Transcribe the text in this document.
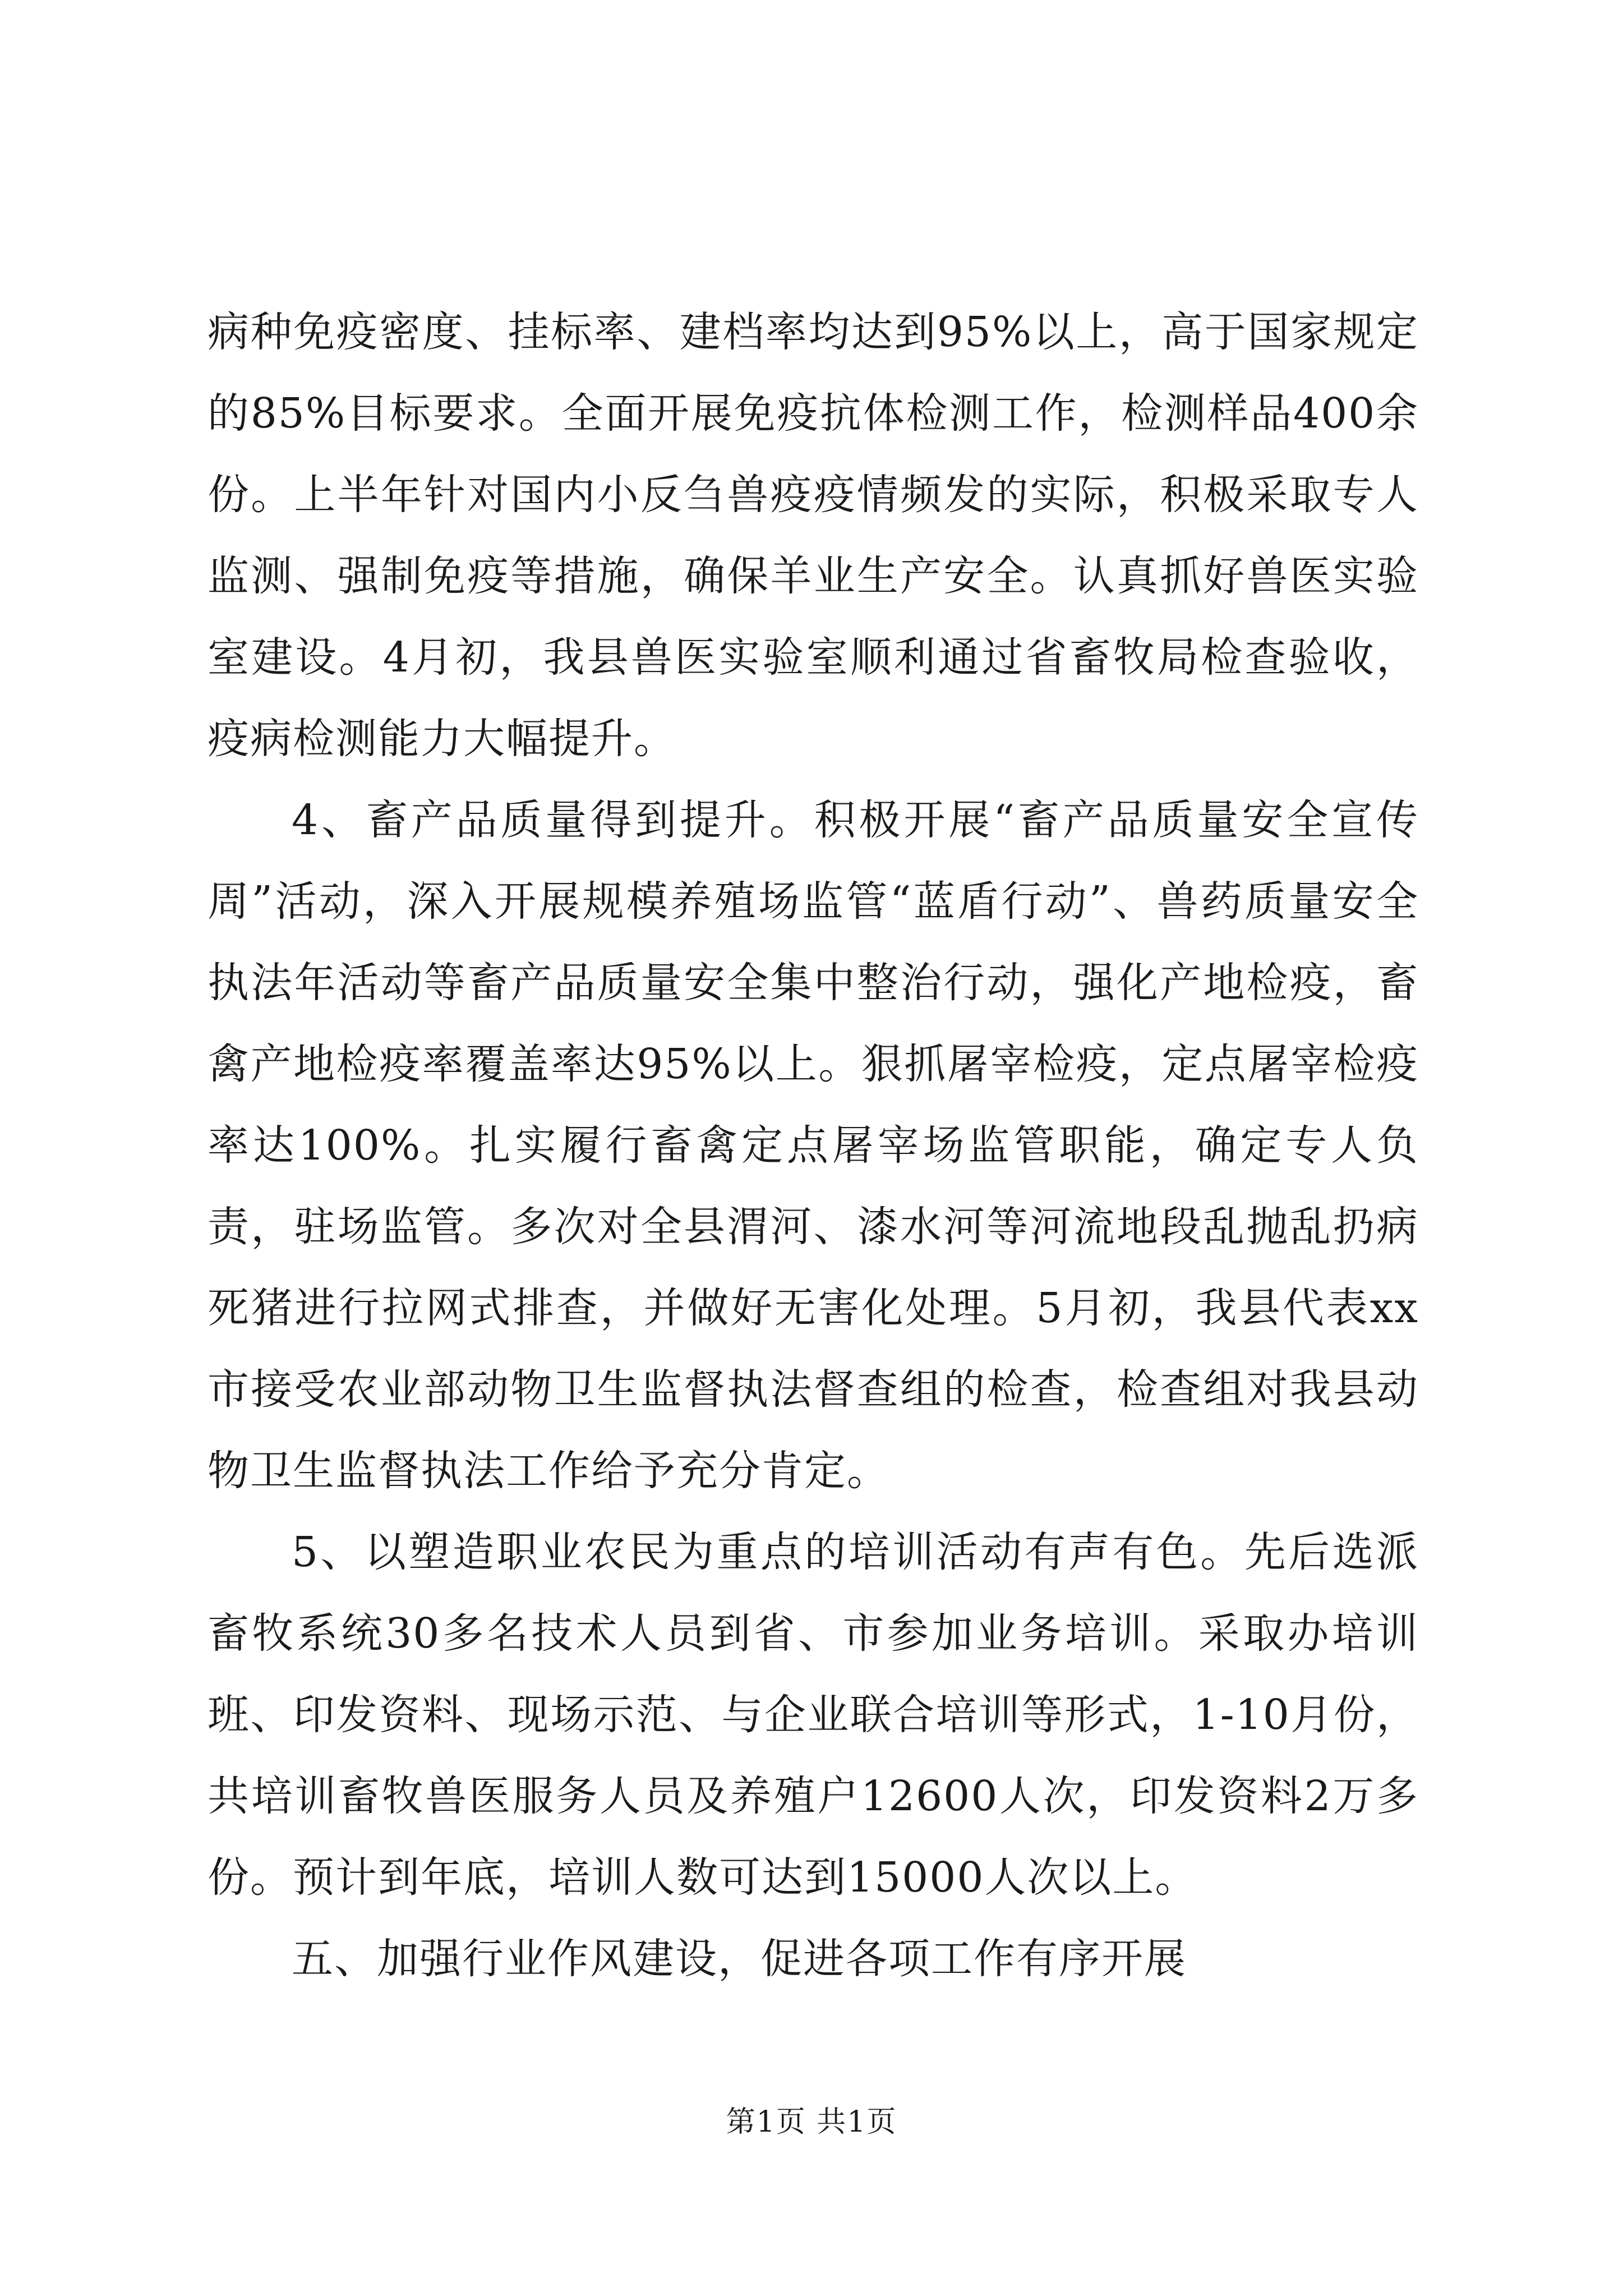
病种免疫密度、挂标率、建档率均达到95%以上，高于国家规定的85%目标要求。全面开展免疫抗体检测工作，检测样品400余份。上半年针对国内小反刍兽疫疫情频发的实际，积极采取专人监测、强制免疫等措施，确保羊业生产安全。认真抓好兽医实验室建设。4月初，我县兽医实验室顺利通过省畜牧局检查验收，疫病检测能力大幅提升。

4、畜产品质量得到提升。积极开展“畜产品质量安全宣传周”活动，深入开展规模养殖场监管“蓝盾行动”、兽药质量安全执法年活动等畜产品质量安全集中整治行动，强化产地检疫，畜禽产地检疫率覆盖率达95%以上。狠抓屠宰检疫，定点屠宰检疫率达100%。扎实履行畜禽定点屠宰场监管职能，确定专人负责，驻场监管。多次对全县渭河、漆水河等河流地段乱抛乱扔病死猪进行拉网式排查，并做好无害化处理。5月初，我县代表xx市接受农业部动物卫生监督执法督查组的检查，检查组对我县动物卫生监督执法工作给予充分肯定。

5、以塑造职业农民为重点的培训活动有声有色。先后选派畜牧系统30多名技术人员到省、市参加业务培训。采取办培训班、印发资料、现场示范、与企业联合培训等形式，1-10月份，共培训畜牧兽医服务人员及养殖户12600人次，印发资料2万多份。预计到年底，培训人数可达到15000人次以上。

五、加强行业作风建设，促进各项工作有序开展

第1页 共1页
